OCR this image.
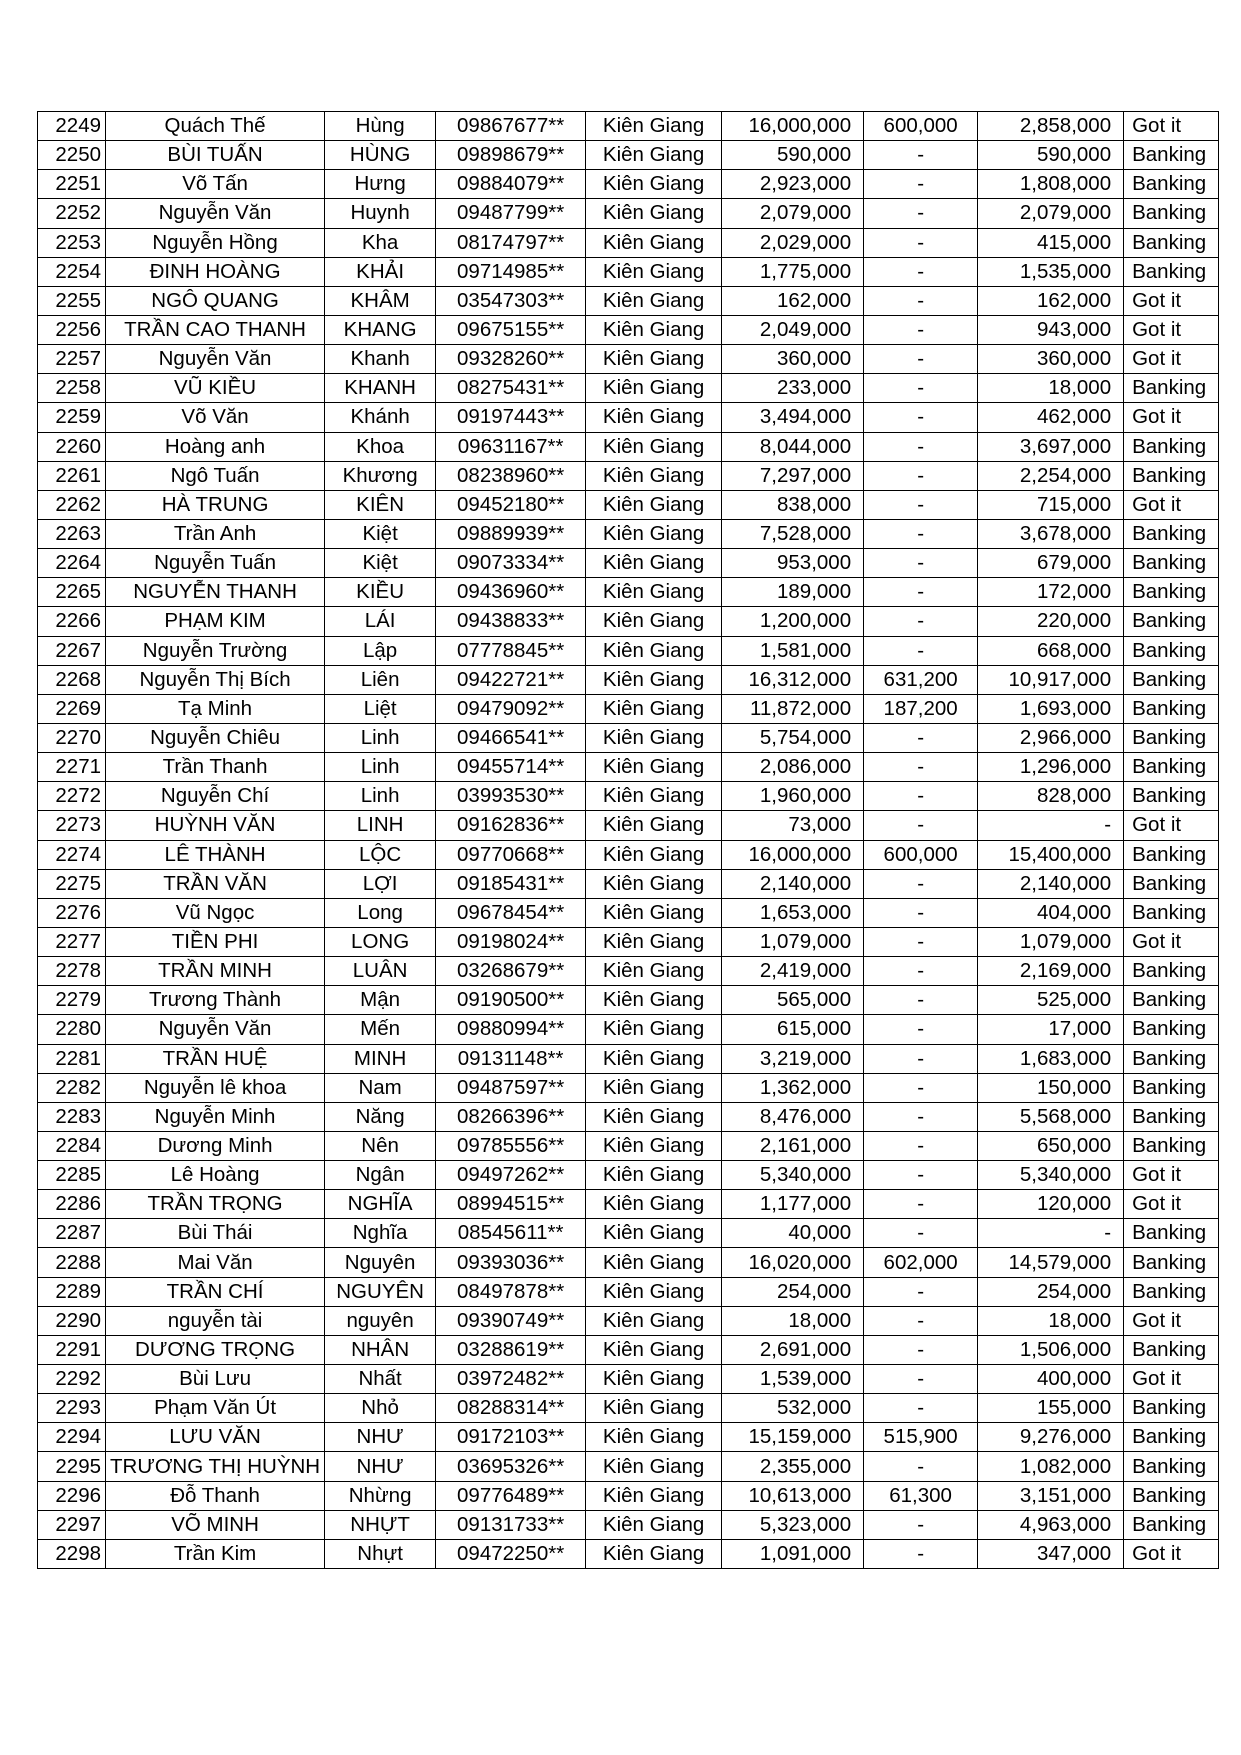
2249	Quách Thế	Hùng	09867677**	Kiên Giang	16,000,000	600,000	2,858,000	Got it
2250	BÙI TUẤN	HÙNG	09898679**	Kiên Giang	590,000	-	590,000	Banking
2251	Võ Tấn	Hưng	09884079**	Kiên Giang	2,923,000	-	1,808,000	Banking
2252	Nguyễn Văn	Huynh	09487799**	Kiên Giang	2,079,000	-	2,079,000	Banking
2253	Nguyễn Hồng	Kha	08174797**	Kiên Giang	2,029,000	-	415,000	Banking
2254	ĐINH HOÀNG	KHẢI	09714985**	Kiên Giang	1,775,000	-	1,535,000	Banking
2255	NGÔ QUANG	KHÂM	03547303**	Kiên Giang	162,000	-	162,000	Got it
2256	TRẦN CAO THANH	KHANG	09675155**	Kiên Giang	2,049,000	-	943,000	Got it
2257	Nguyễn Văn	Khanh	09328260**	Kiên Giang	360,000	-	360,000	Got it
2258	VŨ KIỀU	KHANH	08275431**	Kiên Giang	233,000	-	18,000	Banking
2259	Võ Văn	Khánh	09197443**	Kiên Giang	3,494,000	-	462,000	Got it
2260	Hoàng anh	Khoa	09631167**	Kiên Giang	8,044,000	-	3,697,000	Banking
2261	Ngô Tuấn	Khương	08238960**	Kiên Giang	7,297,000	-	2,254,000	Banking
2262	HÀ TRUNG	KIÊN	09452180**	Kiên Giang	838,000	-	715,000	Got it
2263	Trần Anh	Kiệt	09889939**	Kiên Giang	7,528,000	-	3,678,000	Banking
2264	Nguyễn Tuấn	Kiệt	09073334**	Kiên Giang	953,000	-	679,000	Banking
2265	NGUYỄN THANH	KIỀU	09436960**	Kiên Giang	189,000	-	172,000	Banking
2266	PHẠM KIM	LÁI	09438833**	Kiên Giang	1,200,000	-	220,000	Banking
2267	Nguyễn Trường	Lập	07778845**	Kiên Giang	1,581,000	-	668,000	Banking
2268	Nguyễn Thị Bích	Liên	09422721**	Kiên Giang	16,312,000	631,200	10,917,000	Banking
2269	Tạ Minh	Liệt	09479092**	Kiên Giang	11,872,000	187,200	1,693,000	Banking
2270	Nguyễn Chiêu	Linh	09466541**	Kiên Giang	5,754,000	-	2,966,000	Banking
2271	Trần Thanh	Linh	09455714**	Kiên Giang	2,086,000	-	1,296,000	Banking
2272	Nguyễn Chí	Linh	03993530**	Kiên Giang	1,960,000	-	828,000	Banking
2273	HUỲNH VĂN	LINH	09162836**	Kiên Giang	73,000	-	-	Got it
2274	LÊ THÀNH	LỘC	09770668**	Kiên Giang	16,000,000	600,000	15,400,000	Banking
2275	TRẦN VĂN	LỢI	09185431**	Kiên Giang	2,140,000	-	2,140,000	Banking
2276	Vũ Ngọc	Long	09678454**	Kiên Giang	1,653,000	-	404,000	Banking
2277	TIỀN PHI	LONG	09198024**	Kiên Giang	1,079,000	-	1,079,000	Got it
2278	TRẦN MINH	LUÂN	03268679**	Kiên Giang	2,419,000	-	2,169,000	Banking
2279	Trương Thành	Mận	09190500**	Kiên Giang	565,000	-	525,000	Banking
2280	Nguyễn Văn	Mến	09880994**	Kiên Giang	615,000	-	17,000	Banking
2281	TRẦN HUỆ	MINH	09131148**	Kiên Giang	3,219,000	-	1,683,000	Banking
2282	Nguyễn lê khoa	Nam	09487597**	Kiên Giang	1,362,000	-	150,000	Banking
2283	Nguyễn Minh	Năng	08266396**	Kiên Giang	8,476,000	-	5,568,000	Banking
2284	Dương Minh	Nên	09785556**	Kiên Giang	2,161,000	-	650,000	Banking
2285	Lê Hoàng	Ngân	09497262**	Kiên Giang	5,340,000	-	5,340,000	Got it
2286	TRẦN TRỌNG	NGHĨA	08994515**	Kiên Giang	1,177,000	-	120,000	Got it
2287	Bùi Thái	Nghĩa	08545611**	Kiên Giang	40,000	-	-	Banking
2288	Mai Văn	Nguyên	09393036**	Kiên Giang	16,020,000	602,000	14,579,000	Banking
2289	TRẦN CHÍ	NGUYÊN	08497878**	Kiên Giang	254,000	-	254,000	Banking
2290	nguyễn tài	nguyên	09390749**	Kiên Giang	18,000	-	18,000	Got it
2291	DƯƠNG TRỌNG	NHÂN	03288619**	Kiên Giang	2,691,000	-	1,506,000	Banking
2292	Bùi Lưu	Nhất	03972482**	Kiên Giang	1,539,000	-	400,000	Got it
2293	Phạm Văn Út	Nhỏ	08288314**	Kiên Giang	532,000	-	155,000	Banking
2294	LƯU VĂN	NHƯ	09172103**	Kiên Giang	15,159,000	515,900	9,276,000	Banking
2295	TRƯƠNG THỊ HUỲNH	NHƯ	03695326**	Kiên Giang	2,355,000	-	1,082,000	Banking
2296	Đỗ Thanh	Nhừng	09776489**	Kiên Giang	10,613,000	61,300	3,151,000	Banking
2297	VÕ MINH	NHỰT	09131733**	Kiên Giang	5,323,000	-	4,963,000	Banking
2298	Trần Kim	Nhựt	09472250**	Kiên Giang	1,091,000	-	347,000	Got it
